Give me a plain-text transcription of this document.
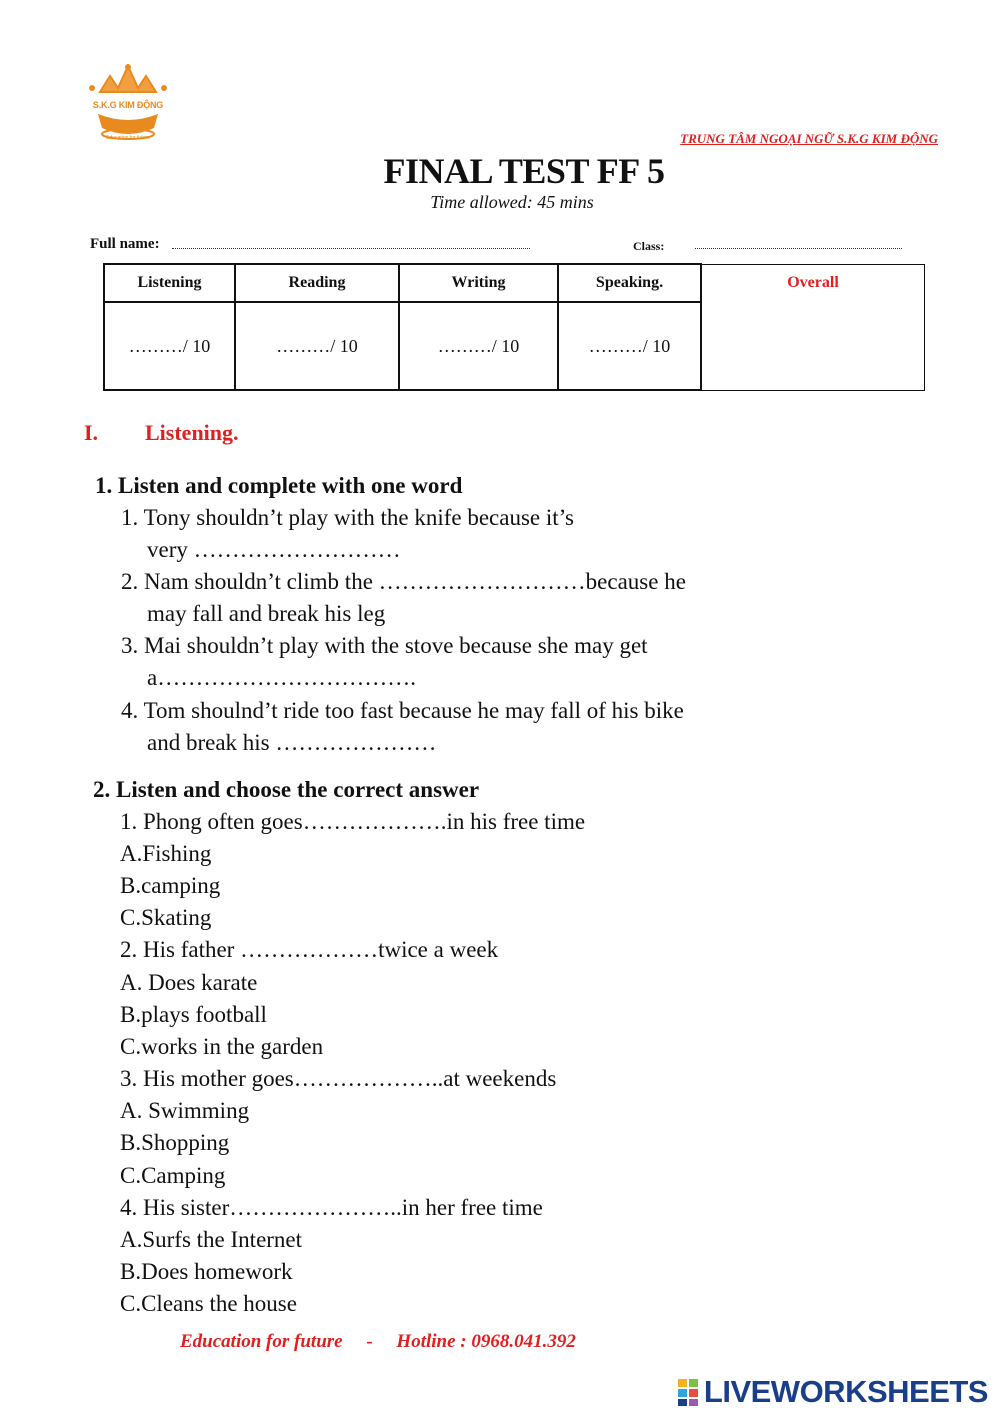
S.K.G KIM ĐỘNG
Education for future	TRUNG TÂM NGOẠI NGỮ S.K.G KIM ĐỘNG
FINAL TEST FF 5
Time allowed: 45 mins
Full name:	Class:
Listening	Reading	Writing	Speaking.	Overall
………/ 10	………/ 10	………/ 10	………/ 10	
I. Listening.
1. Listen and complete with one word
1. Tony shouldn’t play with the knife because it’s
very ………………………
2. Nam shouldn’t climb the ………………………because he
may fall and break his leg
3. Mai shouldn’t play with the stove because she may get
a…………………………….
4. Tom shoulnd’t ride too fast because he may fall of his bike
and break his …………………
2. Listen and choose the correct answer
1. Phong often goes……………….in his free time
A.Fishing
B.camping
C.Skating
2. His father ………………twice a week
A. Does karate
B.plays football
C.works in the garden
3. His mother goes………………..at weekends
A. Swimming
B.Shopping
C.Camping
4. His sister…………………..in her free time
A.Surfs the Internet
B.Does homework
C.Cleans the house
Education for future - Hotline : 0968.041.392
LIVEWORKSHEETS
